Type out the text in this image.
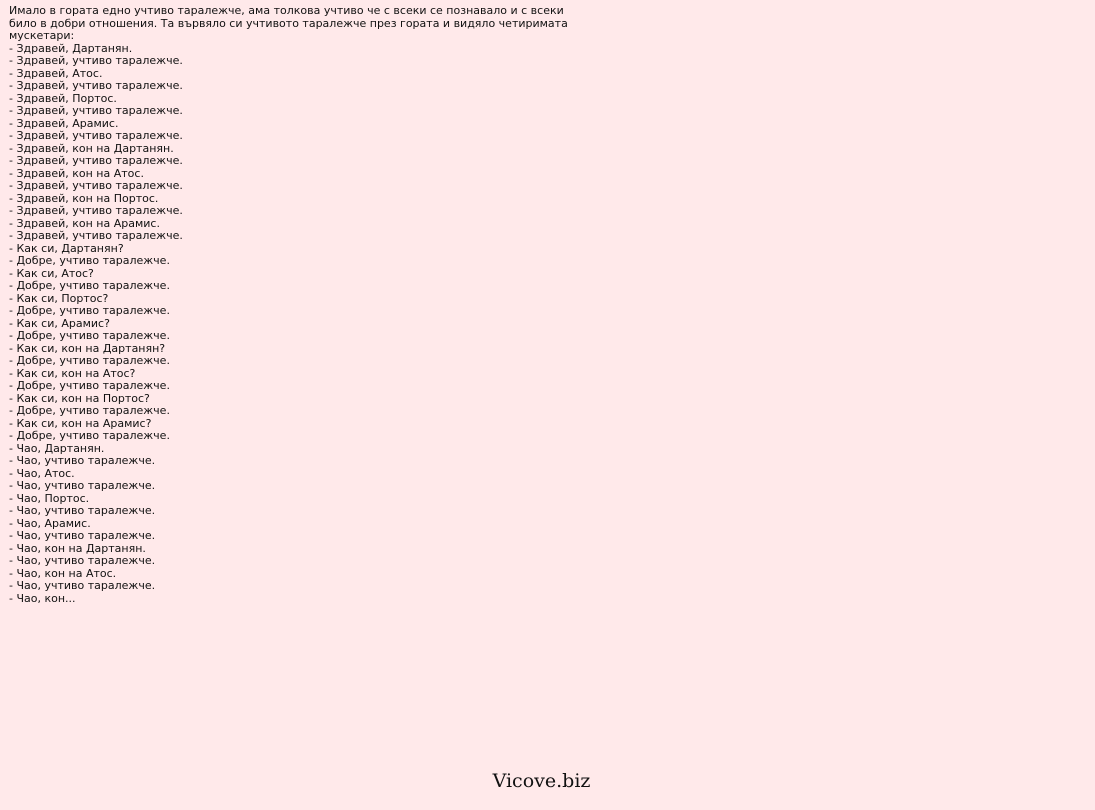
Имало в гората едно учтиво таралежче, ама толкова учтиво че с всеки се познавало и с всеки било в добри отношения. Та вървяло си учтивото таралежче през гората и видяло четиримата мускетари:

- Здравей, Дартанян.
- Здравей, учтиво таралежче.
- Здравей, Атос.
- Здравей, учтиво таралежче.
- Здравей, Портос.
- Здравей, учтиво таралежче.
- Здравей, Арамис.
- Здравей, учтиво таралежче.
- Здравей, кон на Дартанян.
- Здравей, учтиво таралежче.
- Здравей, кон на Атос.
- Здравей, учтиво таралежче.
- Здравей, кон на Портос.
- Здравей, учтиво таралежче.
- Здравей, кон на Арамис.
- Здравей, учтиво таралежче.
- Как си, Дартанян?
- Добре, учтиво таралежче.
- Как си, Атос?
- Добре, учтиво таралежче.
- Как си, Портос?
- Добре, учтиво таралежче.
- Как си, Арамис?
- Добре, учтиво таралежче.
- Как си, кон на Дартанян?
- Добре, учтиво таралежче.
- Как си, кон на Атос?
- Добре, учтиво таралежче.
- Как си, кон на Портос?
- Добре, учтиво таралежче.
- Как си, кон на Арамис?
- Добре, учтиво таралежче.
- Чао, Дартанян.
- Чао, учтиво таралежче.
- Чао, Атос.
- Чао, учтиво таралежче.
- Чао, Портос.
- Чао, учтиво таралежче.
- Чао, Арамис.
- Чао, учтиво таралежче.
- Чао, кон на Дартанян.
- Чао, учтиво таралежче.
- Чао, кон на Атос.
- Чао, учтиво таралежче.
- Чао, кон...
Vicove.biz
